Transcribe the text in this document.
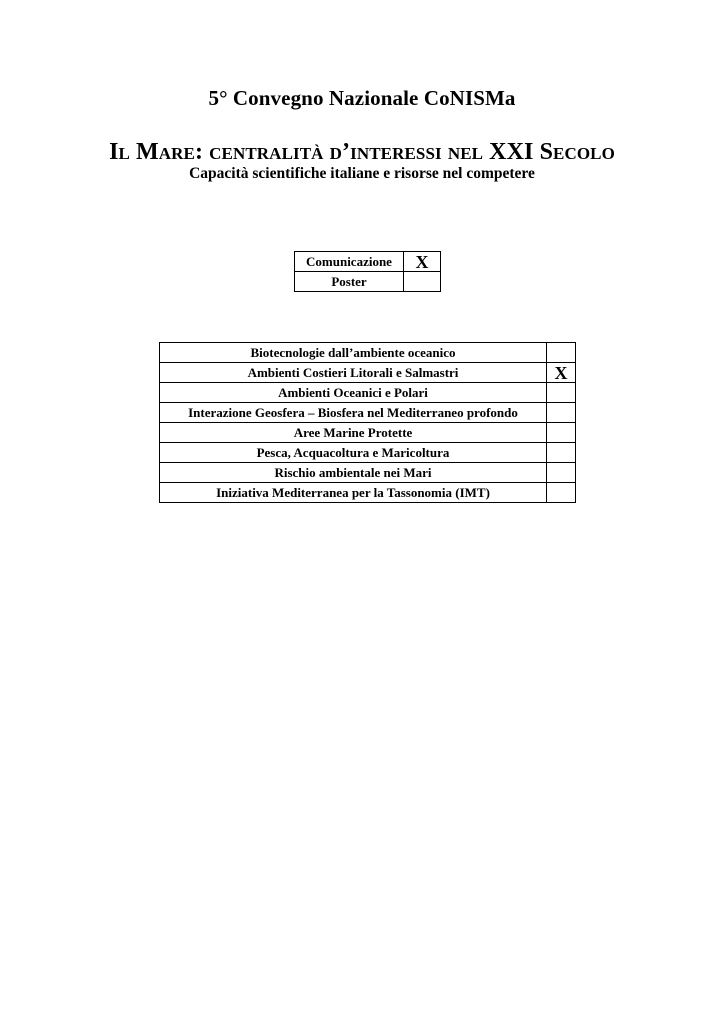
5° Convegno Nazionale CoNISMa
Il Mare: centralità d’interessi nel XXI Secolo
Capacità scientifiche italiane e risorse nel competere
Comunicazione	X
Poster	
Biotecnologie dall’ambiente oceanico	
Ambienti Costieri Litorali e Salmastri	X
Ambienti Oceanici e Polari	
Interazione Geosfera – Biosfera nel Mediterraneo profondo	
Aree Marine Protette	
Pesca, Acquacoltura e Maricoltura	
Rischio ambientale nei Mari	
Iniziativa Mediterranea per la Tassonomia (IMT)	
